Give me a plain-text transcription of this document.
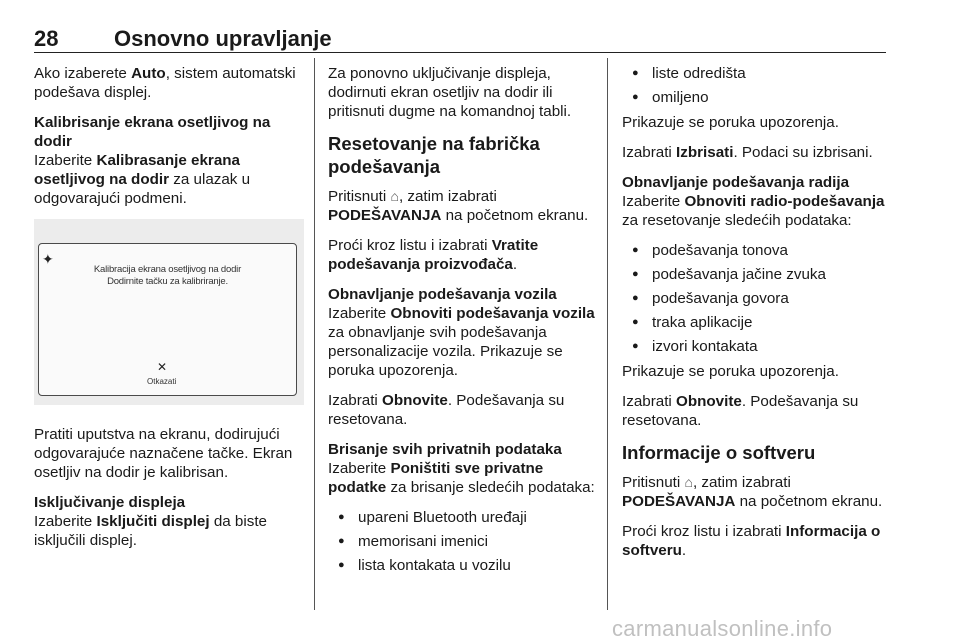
28	Osnovno upravljanje

Ako izaberete Auto, sistem automatski podešava displej.

Kalibrisanje ekrana osetljivog na dodir

Izaberite Kalibrasanje ekrana osetljivog na dodir za ulazak u odgovarajući podmeni.

✦
Kalibracija ekrana osetljivog na dodir
Dodirnite tačku za kalibriranje.
✕
Otkazati

Pratiti uputstva na ekranu, dodirujući odgovarajuće naznačene tačke. Ekran osetljiv na dodir je kalibrisan.

Isključivanje displeja

Izaberite Isključiti displej da biste isključili displej.

Za ponovno uključivanje displeja, dodirnuti ekran osetljiv na dodir ili pritisnuti dugme na komandnoj tabli.

Resetovanje na fabrička podešavanja

Pritisnuti ⌂, zatim izabrati PODEŠAVANJA na početnom ekranu.

Proći kroz listu i izabrati Vratite podešavanja proizvođača.

Obnavljanje podešavanja vozila

Izaberite Obnoviti podešavanja vozila za obnavljanje svih podešavanja personalizacije vozila. Prikazuje se poruka upozorenja.

Izabrati Obnovite. Podešavanja su resetovana.

Brisanje svih privatnih podataka

Izaberite Poništiti sve privatne podatke za brisanje sledećih podataka:

● upareni Bluetooth uređaji
● memorisani imenici
● lista kontakata u vozilu
● liste odredišta
● omiljeno

Prikazuje se poruka upozorenja.

Izabrati Izbrisati. Podaci su izbrisani.

Obnavljanje podešavanja radija

Izaberite Obnoviti radio-podešavanja za resetovanje sledećih podataka:

● podešavanja tonova
● podešavanja jačine zvuka
● podešavanja govora
● traka aplikacije
● izvori kontakata

Prikazuje se poruka upozorenja.

Izabrati Obnovite. Podešavanja su resetovana.

Informacije o softveru

Pritisnuti ⌂, zatim izabrati PODEŠAVANJA na početnom ekranu.

Proći kroz listu i izabrati Informacija o softveru.

carmanualsonline.info
